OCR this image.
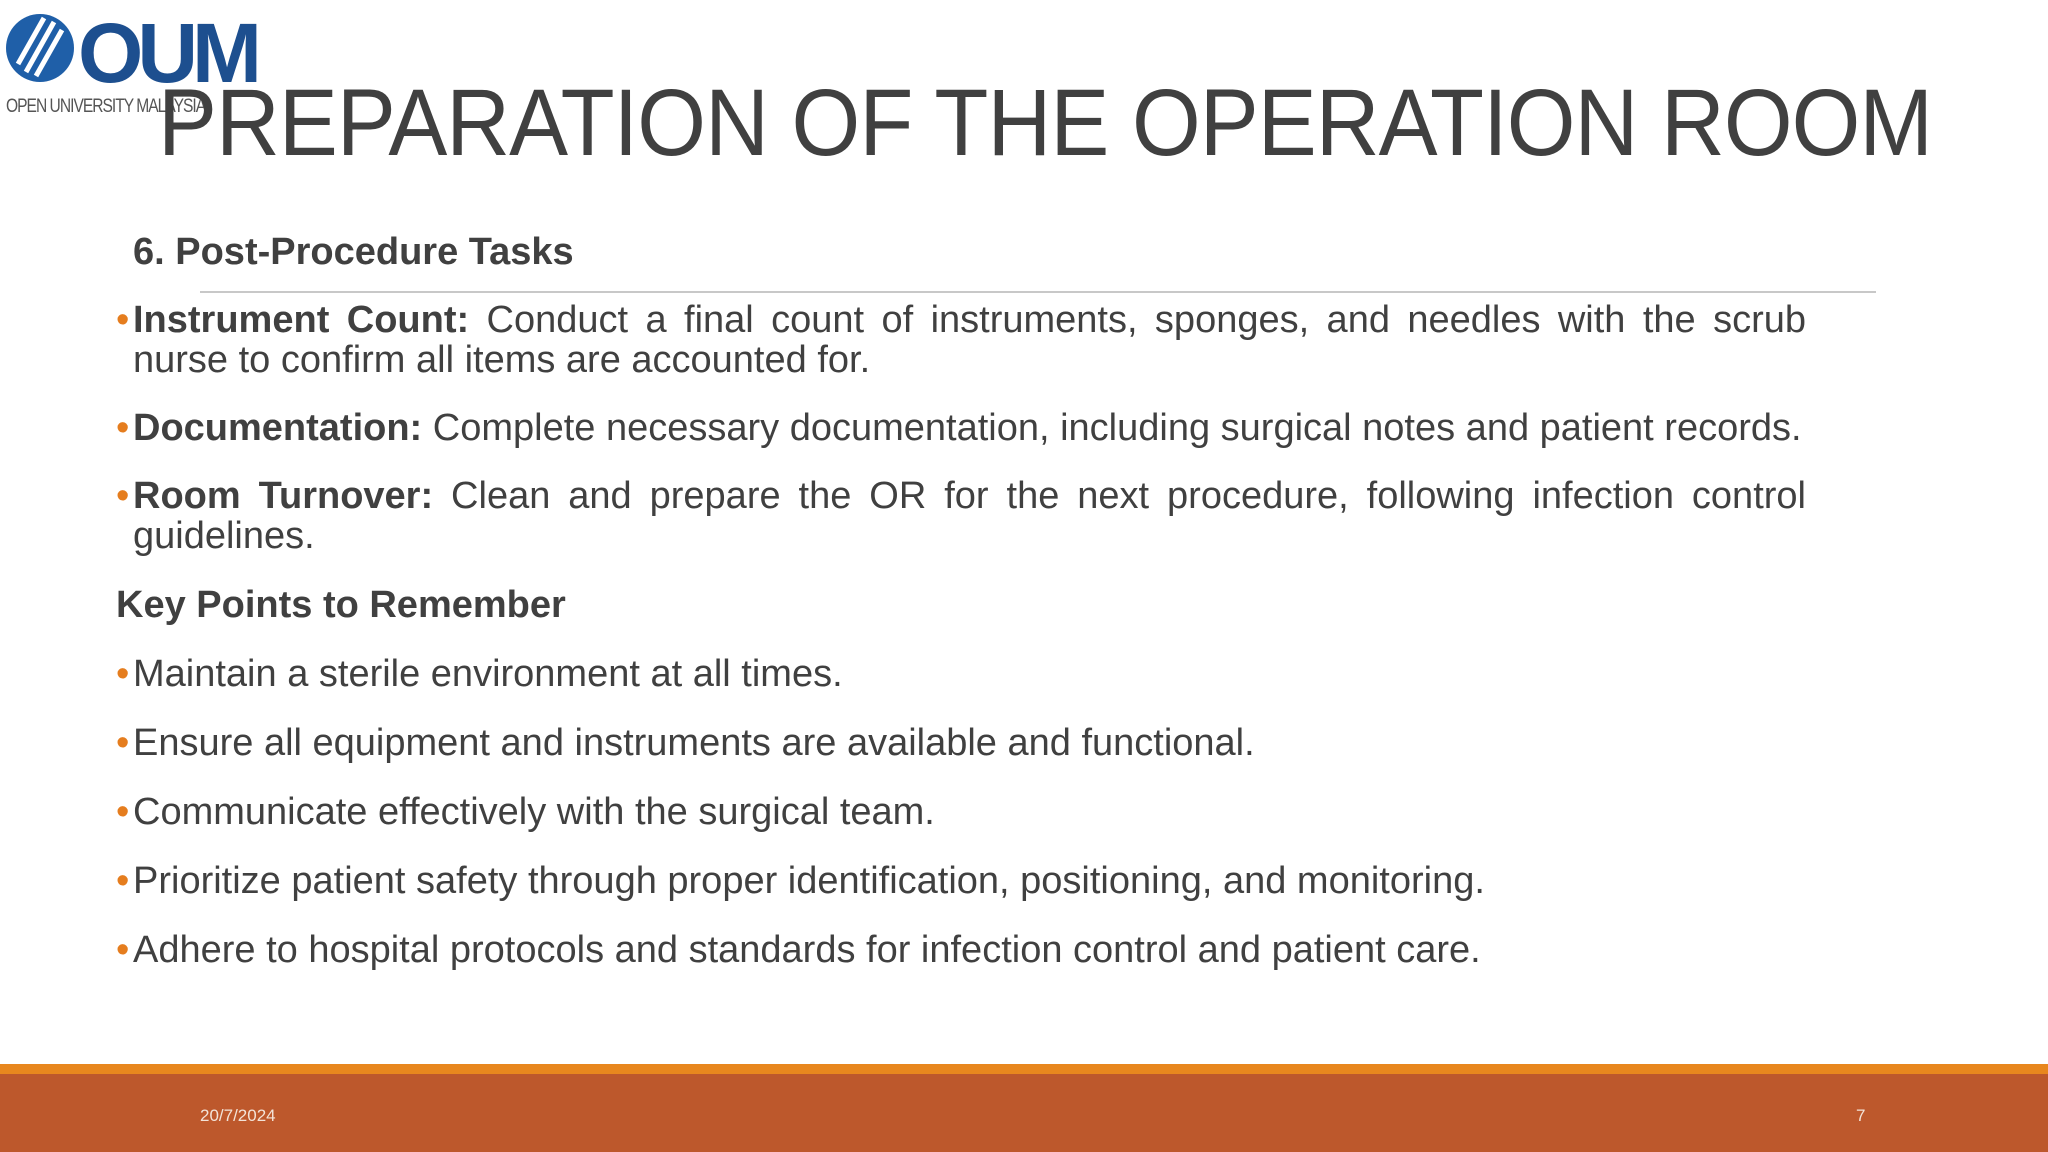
OUM
OPEN UNIVERSITY MALAYSIA
PREPARATION OF THE OPERATION ROOM

6. Post-Procedure Tasks

• Instrument Count: Conduct a final count of instruments, sponges, and needles with the scrub nurse to confirm all items are accounted for.

• Documentation: Complete necessary documentation, including surgical notes and patient records.

• Room Turnover: Clean and prepare the OR for the next procedure, following infection control guidelines.

Key Points to Remember

• Maintain a sterile environment at all times.

• Ensure all equipment and instruments are available and functional.

• Communicate effectively with the surgical team.

• Prioritize patient safety through proper identification, positioning, and monitoring.

• Adhere to hospital protocols and standards for infection control and patient care.

20/7/2024	7
